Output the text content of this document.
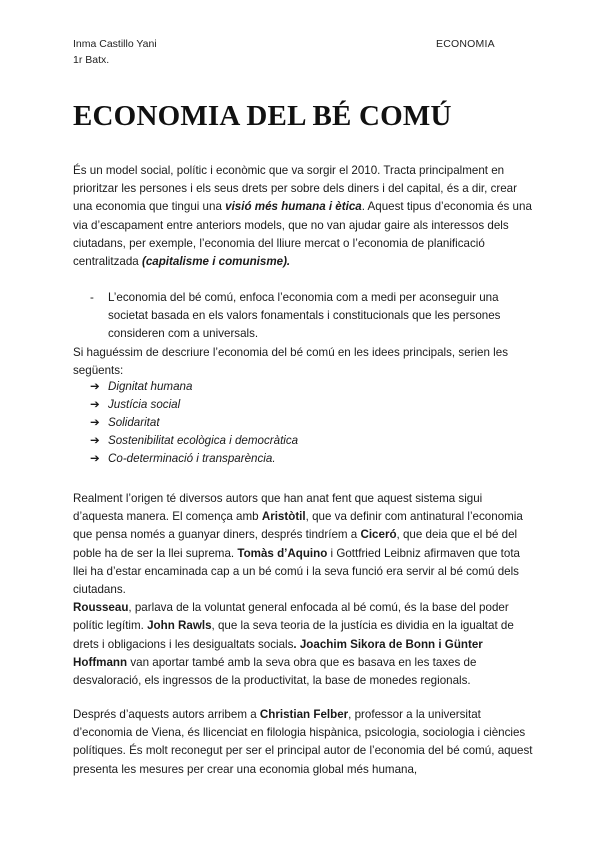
Inma Castillo Yani
1r Batx.
ECONOMIA
ECONOMIA DEL BÉ COMÚ

És un model social, polític i econòmic que va sorgir el 2010. Tracta principalment en prioritzar les persones i els seus drets per sobre dels diners i del capital, és a dir, crear una economia que tingui una visió més humana i ètica. Aquest tipus d’economia és una via d’escapament entre anteriors models, que no van ajudar gaire als interessos dels ciutadans, per exemple, l’economia del lliure mercat o l’economia de planificació centralitzada (capitalisme i comunisme).

- L’economia del bé comú, enfoca l’economia com a medi per aconseguir una societat basada en els valors fonamentals i constitucionals que les persones consideren com a universals.

Si haguéssim de descriure l’economia del bé comú en les idees principals, serien les següents:

➔ Dignitat humana
➔ Justícia social
➔ Solidaritat
➔ Sostenibilitat ecològica i democràtica
➔ Co-determinació i transparència.

Realment l’origen té diversos autors que han anat fent que aquest sistema sigui d’aquesta manera. El comença amb Aristòtil, que va definir com antinatural l’economia que pensa només a guanyar diners, després tindríem a Ciceró, que deia que el bé del poble ha de ser la llei suprema. Tomàs d’Aquino i Gottfried Leibniz afirmaven que tota llei ha d’estar encaminada cap a un bé comú i la seva funció era servir al bé comú dels ciutadans.

Rousseau, parlava de la voluntat general enfocada al bé comú, és la base del poder polític legítim. John Rawls, que la seva teoria de la justícia es dividia en la igualtat de drets i obligacions i les desigualtats socials. Joachim Sikora de Bonn i Günter Hoffmann van aportar també amb la seva obra que es basava en les taxes de desvaloració, els ingressos de la productivitat, la base de monedes regionals.

Després d’aquests autors arribem a Christian Felber, professor a la universitat d’economia de Viena, és llicenciat en filologia hispànica, psicologia, sociologia i ciències polítiques. És molt reconegut per ser el principal autor de l’economia del bé comú, aquest presenta les mesures per crear una economia global més humana,
